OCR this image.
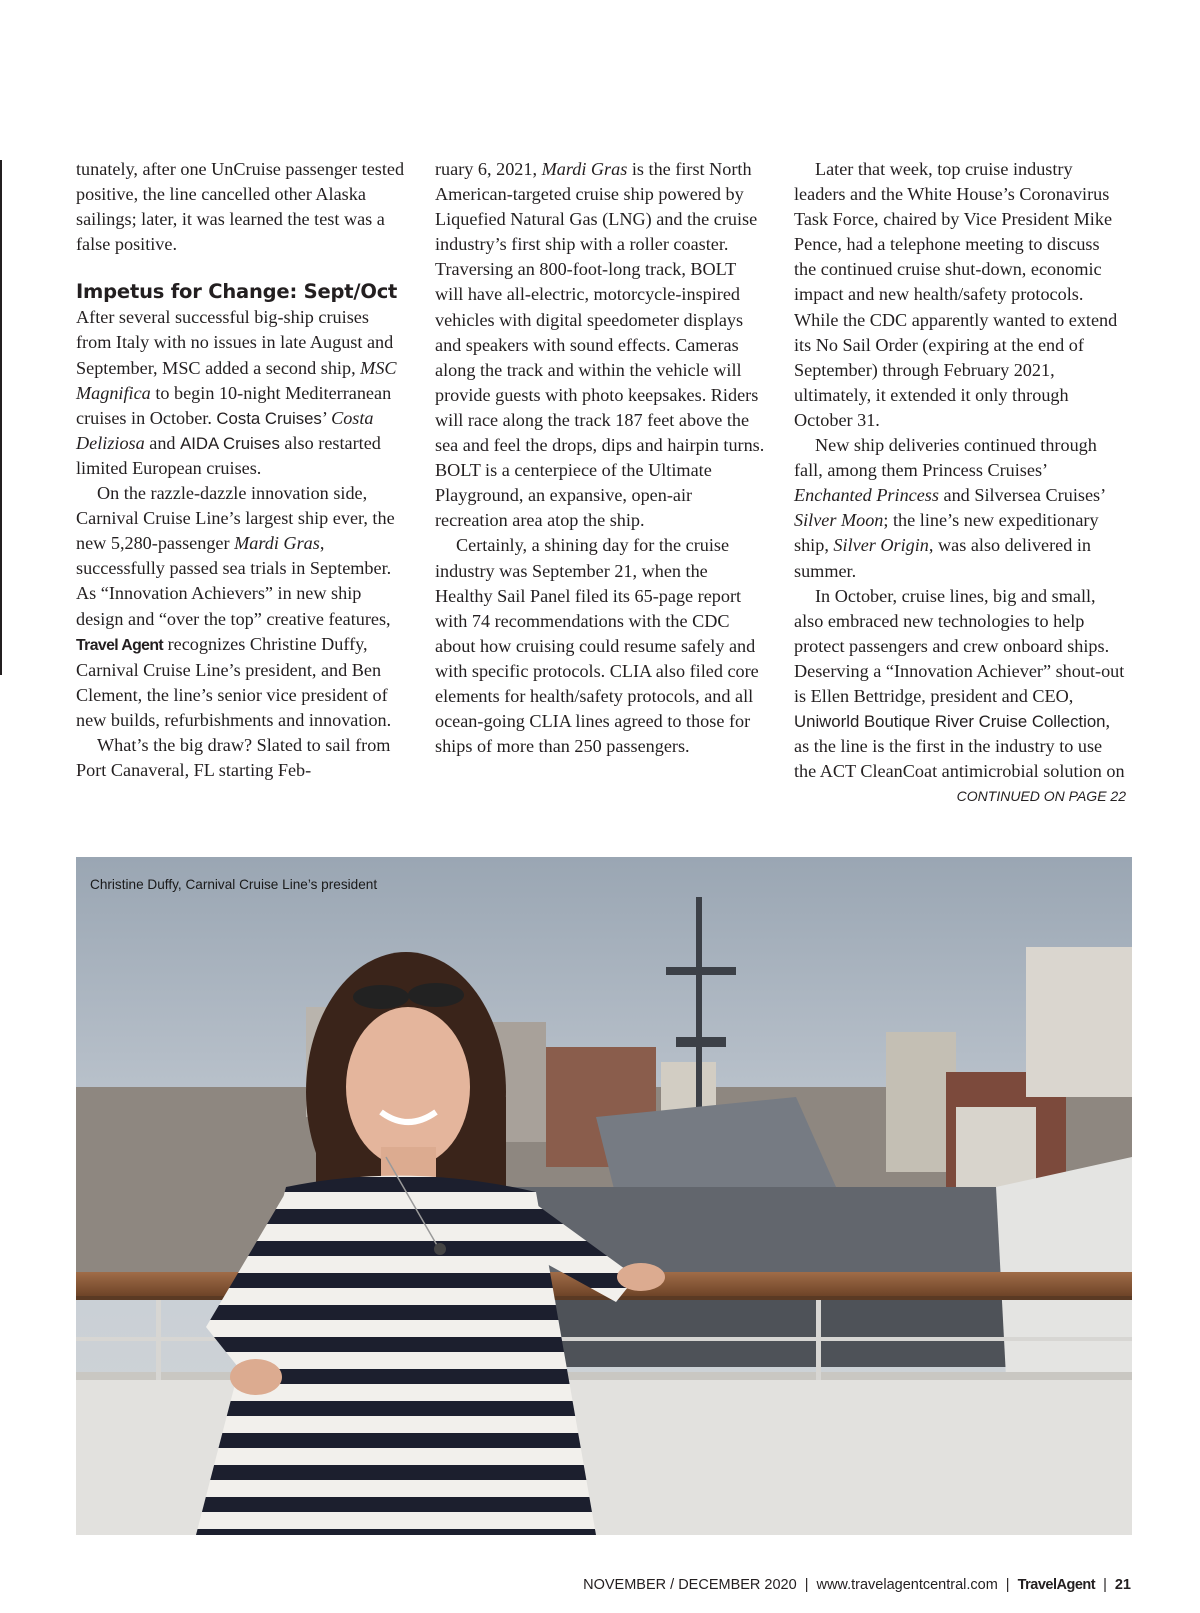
tunately, after one UnCruise passenger tested positive, the line cancelled other Alaska sailings; later, it was learned the test was a false positive.

Impetus for Change: Sept/Oct

After several successful big-ship cruises from Italy with no issues in late August and September, MSC added a second ship, MSC Magnifica to begin 10-night Mediterranean cruises in October. Costa Cruises’ Costa Deliziosa and AIDA Cruises also restarted limited European cruises.

On the razzle-dazzle innovation side, Carnival Cruise Line’s largest ship ever, the new 5,280-passenger Mardi Gras, successfully passed sea trials in September. As “Innovation Achievers” in new ship design and “over the top” creative features, Travel Agent recognizes Christine Duffy, Carnival Cruise Line’s president, and Ben Clement, the line’s senior vice president of new builds, refurbishments and innovation.

What’s the big draw? Slated to sail from Port Canaveral, FL starting Feb-

ruary 6, 2021, Mardi Gras is the first North American-targeted cruise ship powered by Liquefied Natural Gas (LNG) and the cruise industry’s first ship with a roller coaster. Traversing an 800-foot-long track, BOLT will have all-electric, motorcycle-inspired vehicles with digital speedometer displays and speakers with sound effects. Cameras along the track and within the vehicle will provide guests with photo keepsakes. Riders will race along the track 187 feet above the sea and feel the drops, dips and hairpin turns. BOLT is a centerpiece of the Ultimate Playground, an expansive, open-air recreation area atop the ship.

Certainly, a shining day for the cruise industry was September 21, when the Healthy Sail Panel filed its 65-page report with 74 recommendations with the CDC about how cruising could resume safely and with specific protocols. CLIA also filed core elements for health/safety protocols, and all ocean-going CLIA lines agreed to those for ships of more than 250 passengers.

Later that week, top cruise industry leaders and the White House’s Coronavirus Task Force, chaired by Vice President Mike Pence, had a telephone meeting to discuss the continued cruise shut-down, economic impact and new health/safety protocols. While the CDC apparently wanted to extend its No Sail Order (expiring at the end of September) through February 2021, ultimately, it extended it only through October 31.

New ship deliveries continued through fall, among them Princess Cruises’ Enchanted Princess and Silversea Cruises’ Silver Moon; the line’s new expeditionary ship, Silver Origin, was also delivered in summer.

In October, cruise lines, big and small, also embraced new technologies to help protect passengers and crew onboard ships. Deserving a “Innovation Achiever” shout-out is Ellen Bettridge, president and CEO, Uniworld Boutique River Cruise Collection, as the line is the first in the industry to use the ACT CleanCoat antimicrobial solution on

CONTINUED ON PAGE 22

Christine Duffy, Carnival Cruise Line’s president
NOVEMBER / DECEMBER 2020 | www.travelagentcentral.com | TravelAgent | 21
